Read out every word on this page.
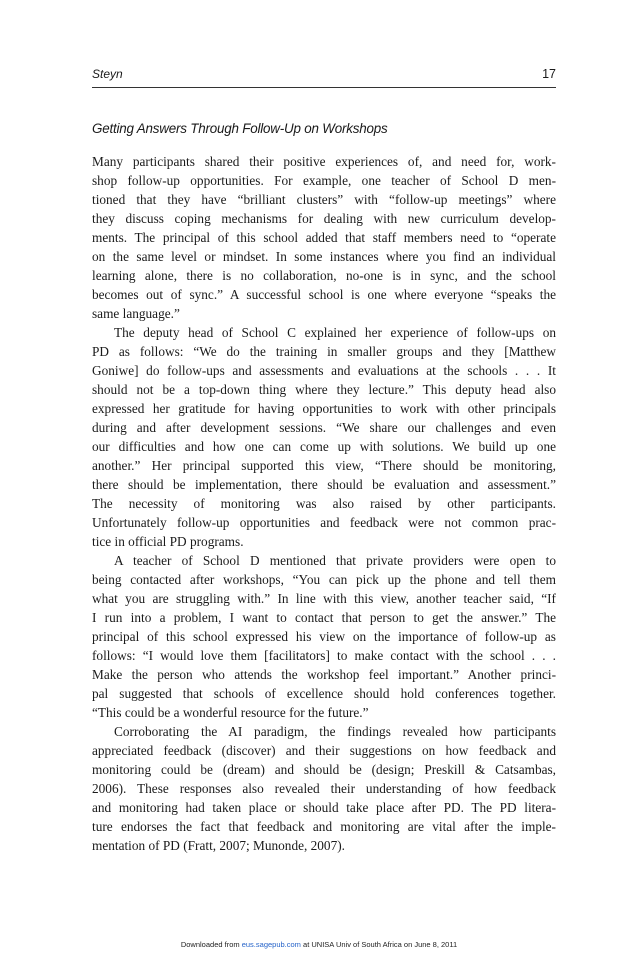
Steyn	17
Getting Answers Through Follow-Up on Workshops
Many participants shared their positive experiences of, and need for, work-
shop follow-up opportunities. For example, one teacher of School D men-
tioned that they have “brilliant clusters” with “follow-up meetings” where
they discuss coping mechanisms for dealing with new curriculum develop-
ments. The principal of this school added that staff members need to “operate
on the same level or mindset. In some instances where you find an individual
learning alone, there is no collaboration, no-one is in sync, and the school
becomes out of sync.” A successful school is one where everyone “speaks the
same language.”
The deputy head of School C explained her experience of follow-ups on
PD as follows: “We do the training in smaller groups and they [Matthew
Goniwe] do follow-ups and assessments and evaluations at the schools . . . It
should not be a top-down thing where they lecture.” This deputy head also
expressed her gratitude for having opportunities to work with other principals
during and after development sessions. “We share our challenges and even
our difficulties and how one can come up with solutions. We build up one
another.” Her principal supported this view, “There should be monitoring,
there should be implementation, there should be evaluation and assessment.”
The necessity of monitoring was also raised by other participants.
Unfortunately follow-up opportunities and feedback were not common prac-
tice in official PD programs.
A teacher of School D mentioned that private providers were open to
being contacted after workshops, “You can pick up the phone and tell them
what you are struggling with.” In line with this view, another teacher said, “If
I run into a problem, I want to contact that person to get the answer.” The
principal of this school expressed his view on the importance of follow-up as
follows: “I would love them [facilitators] to make contact with the school . . .
Make the person who attends the workshop feel important.” Another princi-
pal suggested that schools of excellence should hold conferences together.
“This could be a wonderful resource for the future.”
Corroborating the AI paradigm, the findings revealed how participants
appreciated feedback (discover) and their suggestions on how feedback and
monitoring could be (dream) and should be (design; Preskill & Catsambas,
2006). These responses also revealed their understanding of how feedback
and monitoring had taken place or should take place after PD. The PD litera-
ture endorses the fact that feedback and monitoring are vital after the imple-
mentation of PD (Fratt, 2007; Munonde, 2007).
Downloaded from eus.sagepub.com at UNISA Univ of South Africa on June 8, 2011
